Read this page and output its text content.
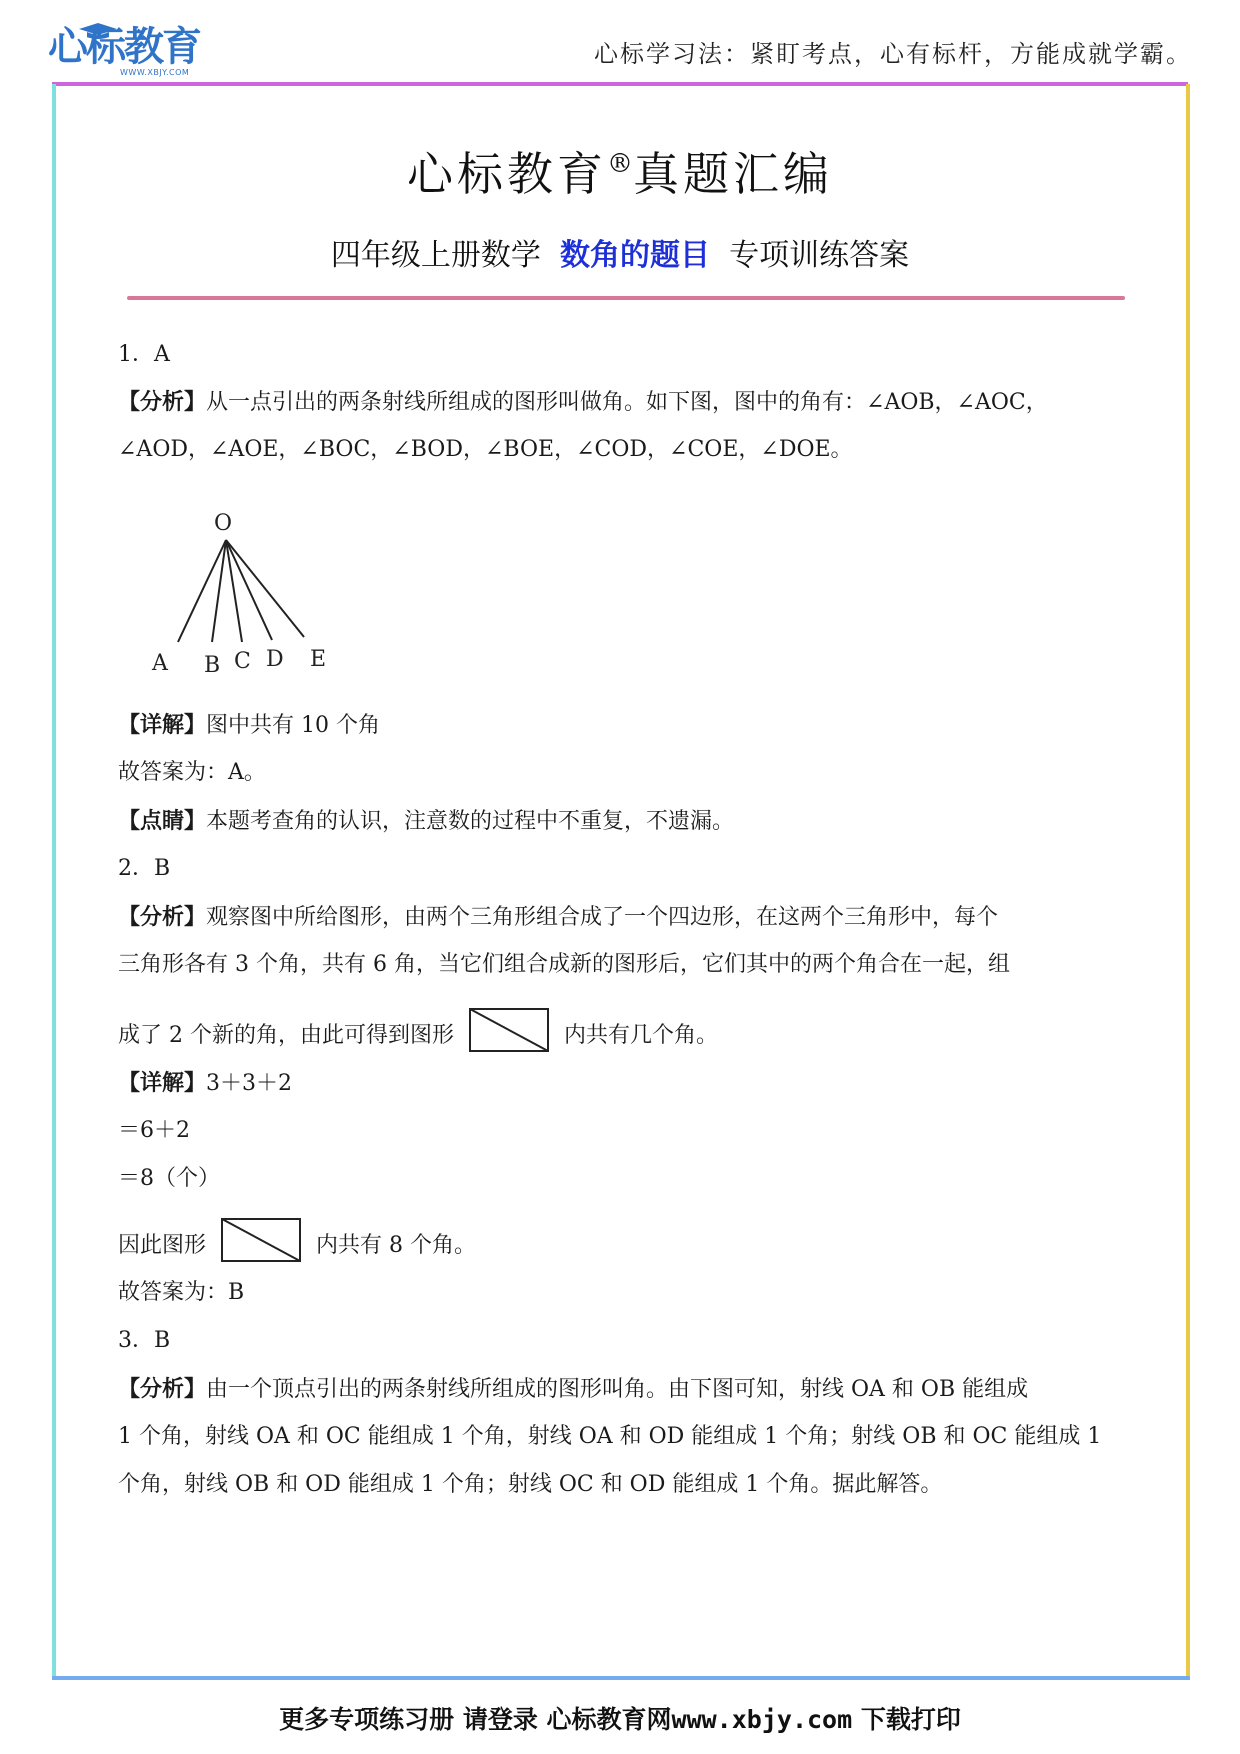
心标教育
WWW.XBJY.COM
心标学习法：紧盯考点，心有标杆，方能成就学霸。
心标教育®真题汇编
四年级上册数学 数角的题目 专项训练答案
1．A
【分析】从一点引出的两条射线所组成的图形叫做角。如下图，图中的角有：∠AOB，∠AOC，
∠AOD，∠AOE，∠BOC，∠BOD，∠BOE，∠COD，∠COE，∠DOE。
O
A B C D E
【详解】图中共有 10 个角
故答案为：A。
【点睛】本题考查角的认识，注意数的过程中不重复，不遗漏。
2．B
【分析】观察图中所给图形，由两个三角形组合成了一个四边形，在这两个三角形中，每个
三角形各有 3 个角，共有 6 角，当它们组合成新的图形后，它们其中的两个角合在一起，组
成了 2 个新的角，由此可得到图形	内共有几个角。
【详解】3＋3＋2
＝6＋2
＝8（个）
因此图形	内共有 8 个角。
故答案为：B
3．B
【分析】由一个顶点引出的两条射线所组成的图形叫角。由下图可知，射线 OA 和 OB 能组成
1 个角，射线 OA 和 OC 能组成 1 个角，射线 OA 和 OD 能组成 1 个角；射线 OB 和 OC 能组成 1
个角，射线 OB 和 OD 能组成 1 个角；射线 OC 和 OD 能组成 1 个角。据此解答。
更多专项练习册 请登录 心标教育网www.xbjy.com 下载打印
